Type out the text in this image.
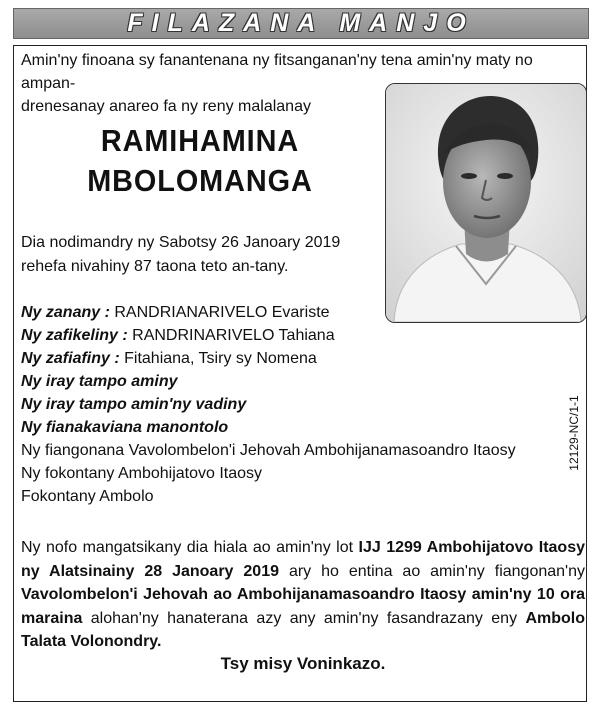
FILAZANA MANJO
Amin'ny finoana sy fanantenana ny fitsanganan'ny tena amin'ny maty no ampan-
drenesanay anareo fa ny reny malalanay
RAMIHAMINA
MBOLOMANGA
Dia nodimandry ny Sabotsy 26 Janoary 2019
rehefa nivahiny 87 taona teto an-tany.
Ny zanany : RANDRIANARIVELO Evariste
Ny zafikeliny : RANDRINARIVELO Tahiana
Ny zafiafiny : Fitahiana, Tsiry sy Nomena
Ny iray tampo aminy
Ny iray tampo amin'ny vadiny
Ny fianakaviana manontolo
Ny fiangonana Vavolombelon'i Jehovah Ambohijanamasoandro Itaosy
Ny fokontany Ambohijatovo Itaosy
Fokontany Ambolo
12129-NC/1-1
Ny nofo mangatsikany dia hiala ao amin'ny lot IJJ 1299 Ambohijatovo Itaosy ny Alatsinainy 28 Janoary 2019 ary ho entina ao amin'ny fiangonan'ny Vavolombelon'i Jehovah ao Ambohijanamasoandro Itaosy amin'ny 10 ora maraina alohan'ny hanaterana azy any amin'ny fasandrazany eny Ambolo Talata Volonondry.
Tsy misy Voninkazo.
